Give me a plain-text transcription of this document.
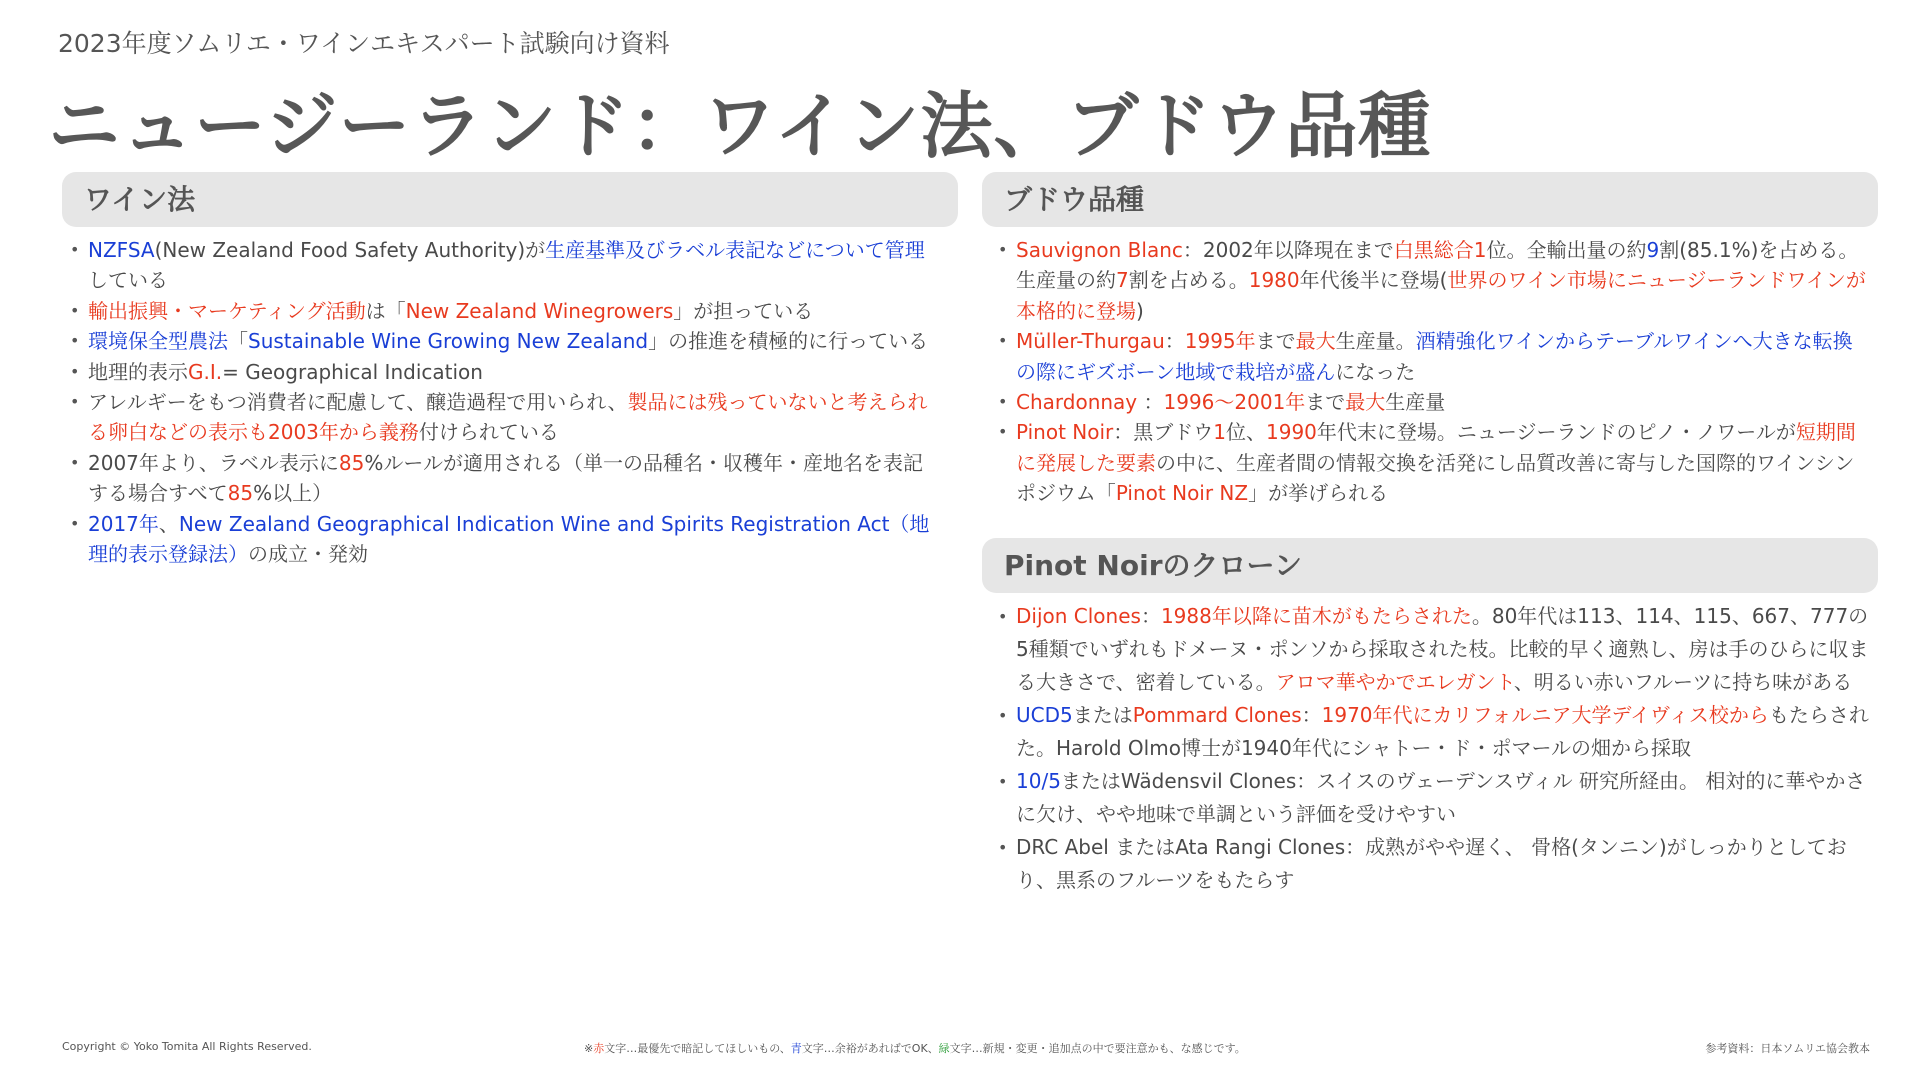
2023年度ソムリエ・ワインエキスパート試験向け資料
ニュージーランド：ワイン法、ブドウ品種
ワイン法
• NZFSA(New Zealand Food Safety Authority)が生産基準及びラベル表記などについて管理している
• 輸出振興・マーケティング活動は「New Zealand Winegrowers」が担っている
• 環境保全型農法「Sustainable Wine Growing New Zealand」の推進を積極的に行っている
• 地理的表示G.I.= Geographical Indication
• アレルギーをもつ消費者に配慮して、醸造過程で用いられ、製品には残っていないと考えられる卵白などの表示も2003年から義務付けられている
• 2007年より、ラベル表示に85%ルールが適用される（単一の品種名・収穫年・産地名を表記する場合すべて85%以上）
• 2017年、New Zealand Geographical Indication Wine and Spirits Registration Act（地理的表示登録法）の成立・発効
ブドウ品種
• Sauvignon Blanc：2002年以降現在まで白黒総合1位。全輸出量の約9割(85.1%)を占める。生産量の約7割を占める。1980年代後半に登場(世界のワイン市場にニュージーランドワインが本格的に登場)
• Müller-Thurgau：1995年まで最大生産量。酒精強化ワインからテーブルワインへ大きな転換の際にギズボーン地域で栽培が盛んになった
• Chardonnay ：1996〜2001年まで最大生産量
• Pinot Noir：黒ブドウ1位、1990年代末に登場。ニュージーランドのピノ・ノワールが短期間に発展した要素の中に、生産者間の情報交換を活発にし品質改善に寄与した国際的ワインシンポジウム「Pinot Noir NZ」が挙げられる
Pinot Noirのクローン
• Dijon Clones：1988年以降に苗木がもたらされた。80年代は113、114、115、667、777の5種類でいずれもドメーヌ・ポンソから採取された枝。比較的早く適熟し、房は手のひらに収まる大きさで、密着している。アロマ華やかでエレガント、明るい赤いフルーツに持ち味がある
• UCD5またはPommard Clones：1970年代にカリフォルニア大学デイヴィス校からもたらされた。Harold Olmo博士が1940年代にシャトー・ド・ポマールの畑から採取
• 10/5またはWädensvil Clones：スイスのヴェーデンスヴィル 研究所経由。 相対的に華やかさに欠け、やや地味で単調という評価を受けやすい
• DRC Abel またはAta Rangi Clones：成熟がやや遅く、 骨格(タンニン)がしっかりとしており、黒系のフルーツをもたらす
Copyright © Yoko Tomita All Rights Reserved.	※赤文字…最優先で暗記してほしいもの、青文字…余裕があればでOK、緑文字…新規・変更・追加点の中で要注意かも、な感じです。	参考資料：日本ソムリエ協会教本
